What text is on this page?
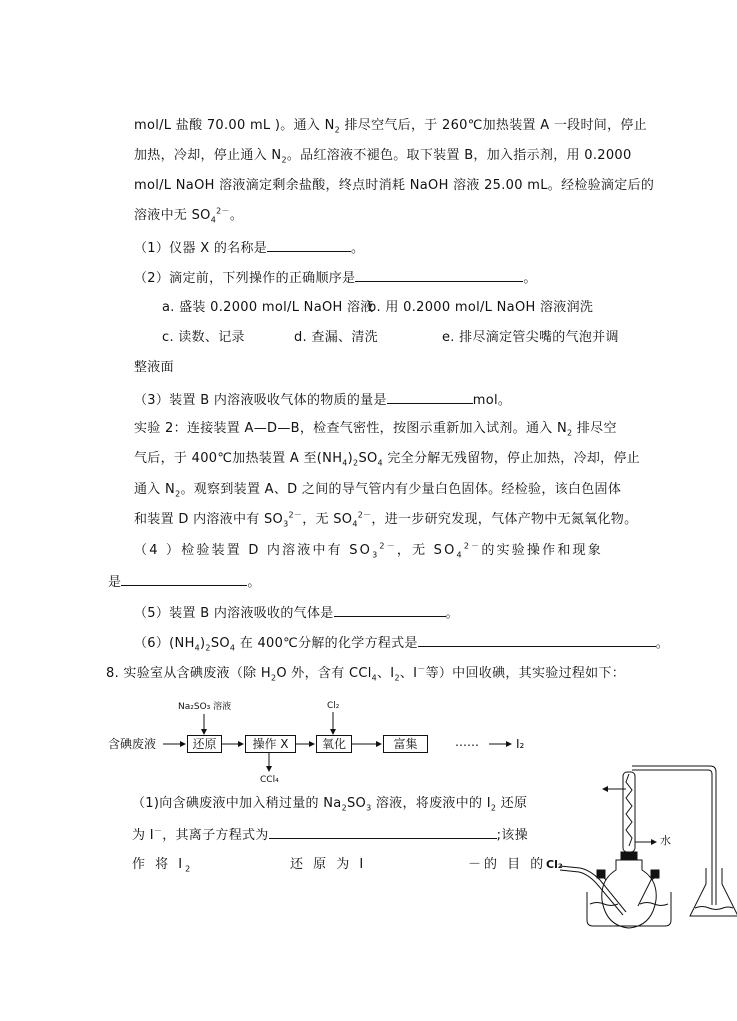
mol/L 盐酸 70.00 mL )。通入 $N_2$ 排尽空气后，于 260℃加热装置 A 一段时间，停止
加热，冷却，停止通入 $N_2$。品红溶液不褪色。取下装置 B，加入指示剂，用 0.2000
mol/L NaOH 溶液滴定剩余盐酸，终点时消耗 NaOH 溶液 25.00 mL。经检验滴定后的
溶液中无 $SO_4^{2-}$。
（1）仪器 X 的名称是	。
（2）滴定前，下列操作的正确顺序是	。
a. 盛装 0.2000 mol/L NaOH 溶液
b. 用 0.2000 mol/L NaOH 溶液润洗
c. 读数、记录	d. 查漏、清洗	e. 排尽滴定管尖嘴的气泡并调
整液面
（3）装置 B 内溶液吸收气体的物质的量是	mol。
实验 2：连接装置 A—D—B，检查气密性，按图示重新加入试剂。通入 $N_2$ 排尽空
气后，于 400℃加热装置 A 至$(NH_4)_2SO_4$ 完全分解无残留物，停止加热，冷却，停止
通入 $N_2$。观察到装置 A、D 之间的导气管内有少量白色固体。经检验，该白色固体
和装置 D 内溶液中有 $SO_3^{2-}$，无 $SO_4^{2-}$，进一步研究发现，气体产物中无氮氧化物。
（4 ）检验装置 D 内溶液中有 $SO_3^{2-}$，无 $SO_4^{2-}$的实验操作和现象
是	。
（5）装置 B 内溶液吸收的气体是	。
$(6)(NH_4)_2SO_4$ 在 400℃分解的化学方程式是	。
8. 实验室从含碘废液（除 $H_2O$ 外，含有 CCl$_4$、$I_2$、I－等）中回收碘，其实验过程如下：
Na₂SO₃ 溶液	Cl₂
含碘废液	还原	操作 X	氧化	富集	……	I₂
CCl₄
（1)向含碘废液中加入稍过量的 $Na_2SO_3$ 溶液，将废液中的 $I_2$ 还原
为 I－，其离子方程式为	;该操
作 将 $I_2$	还 原 为 I	－的 目 的
水
Cl₂
